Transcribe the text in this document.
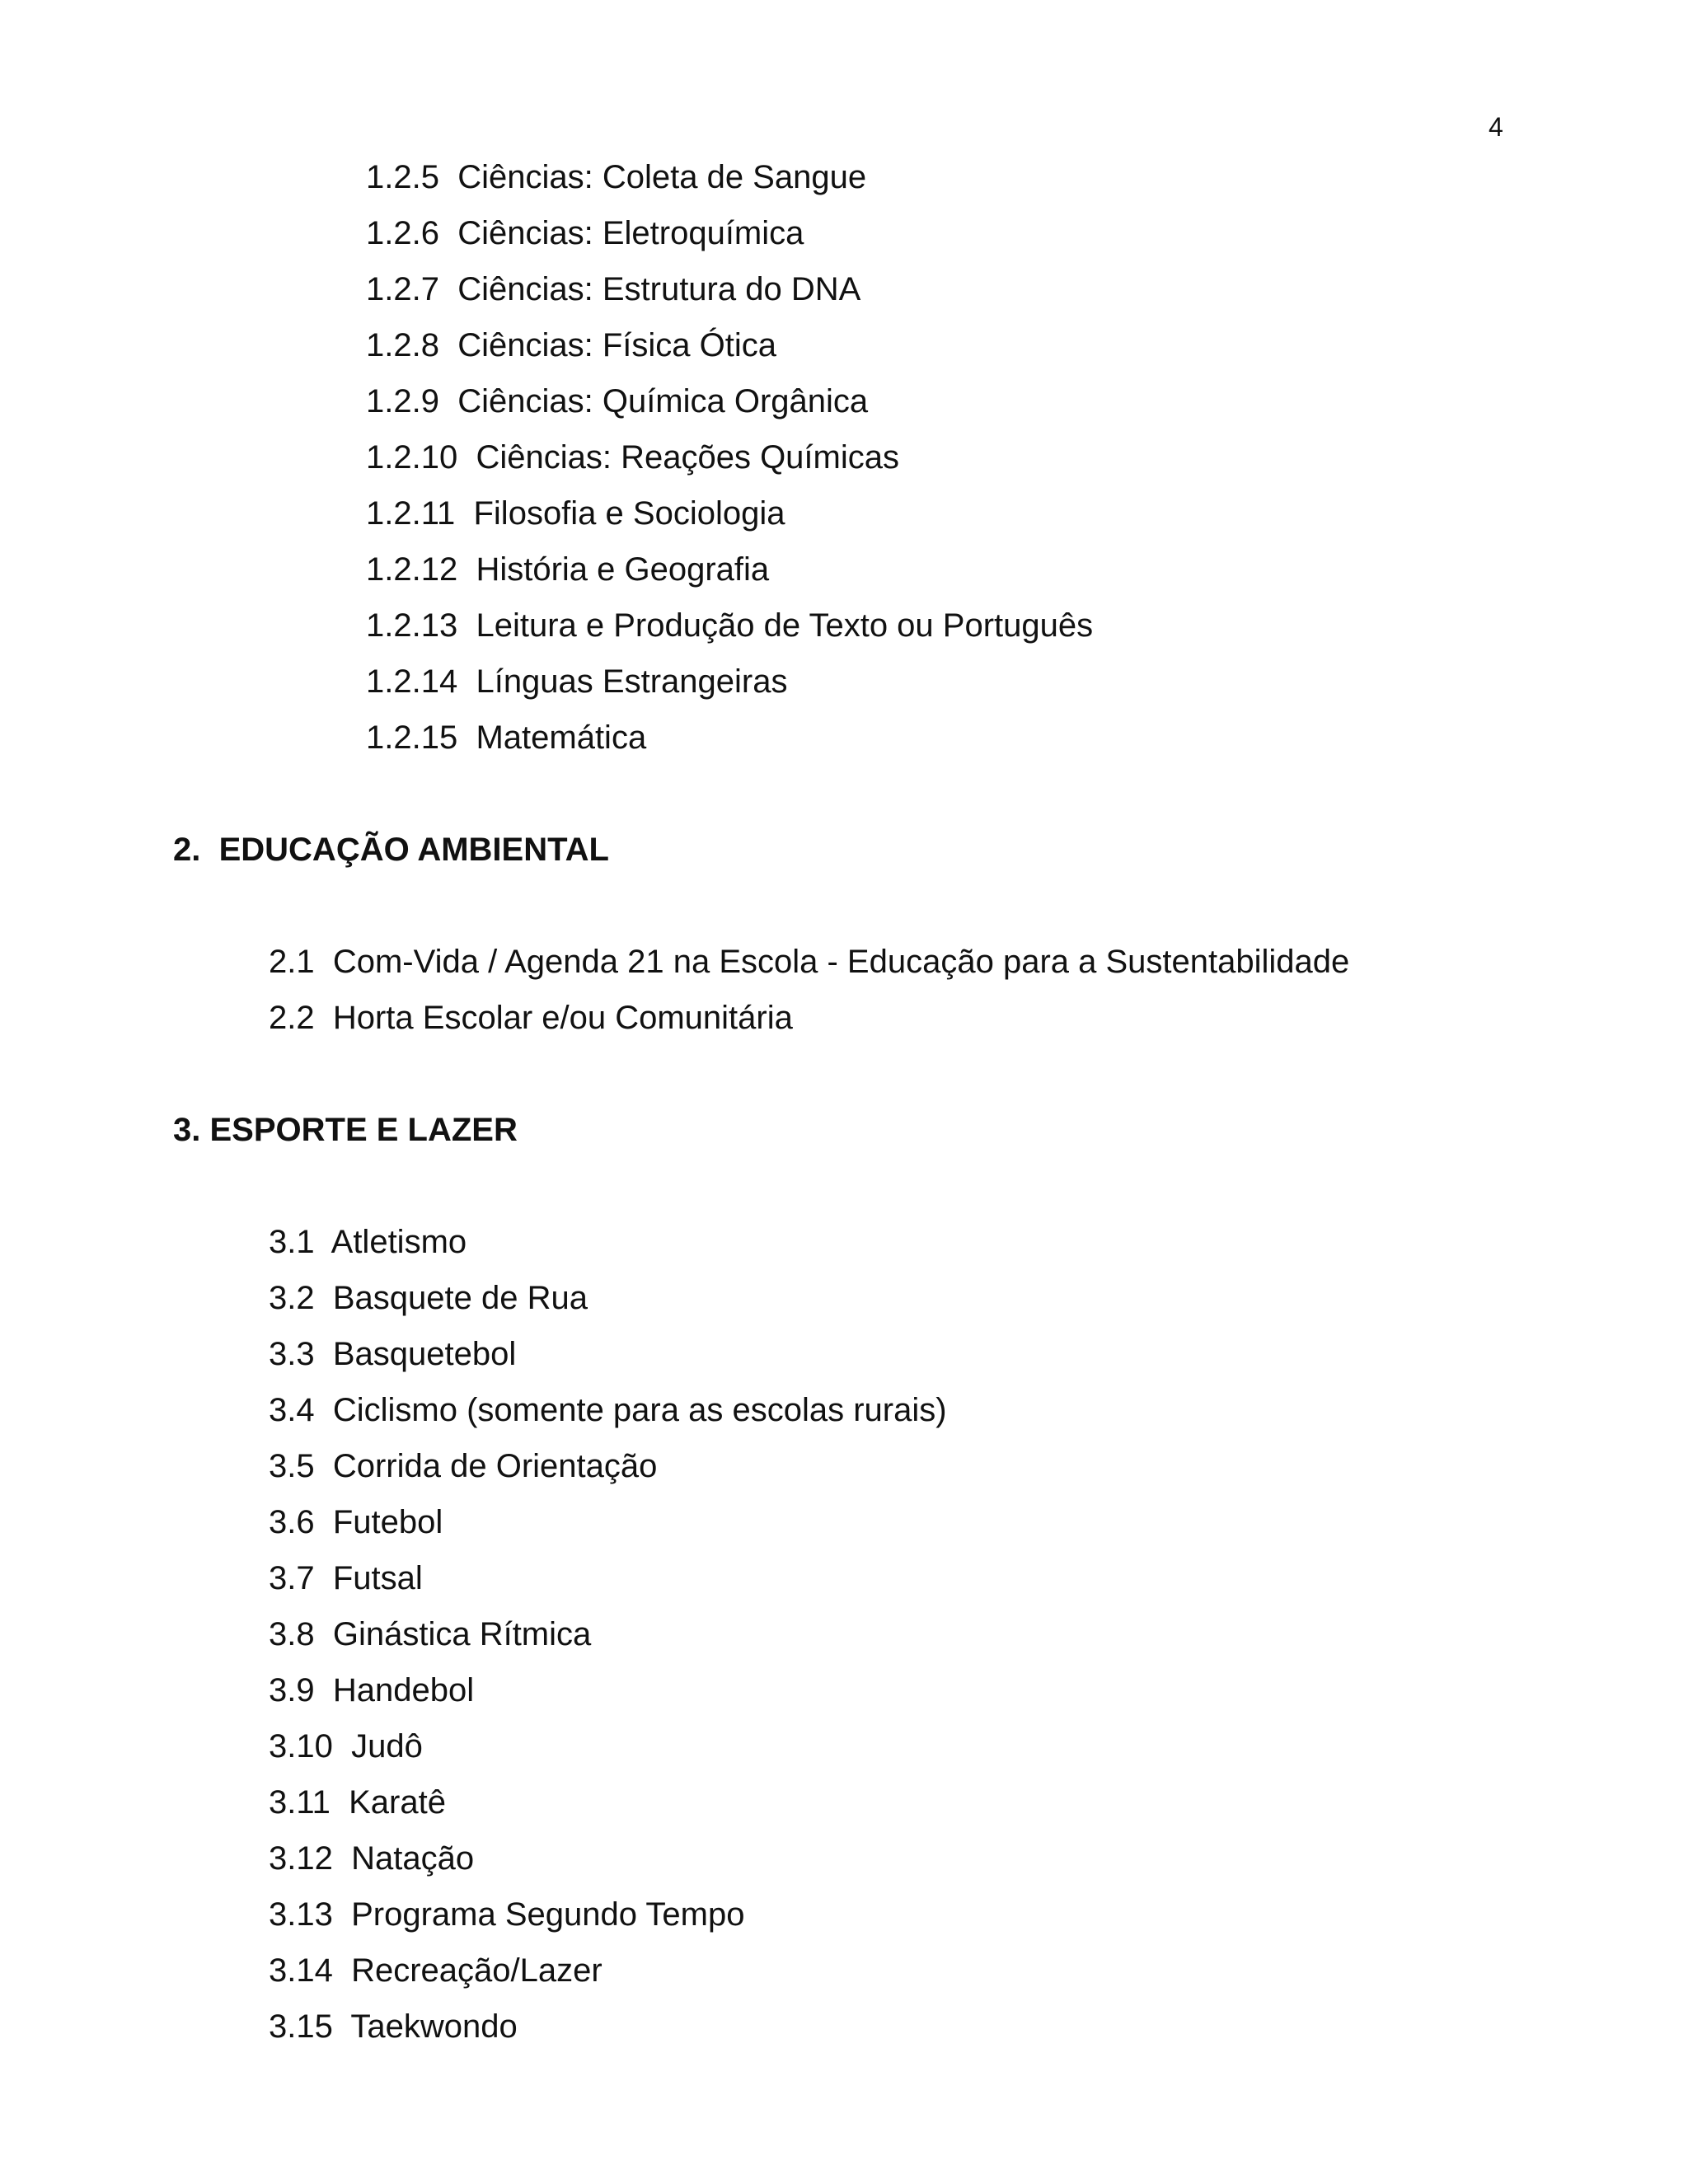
4
1.2.5 Ciências: Coleta de Sangue
1.2.6 Ciências: Eletroquímica
1.2.7 Ciências: Estrutura do DNA
1.2.8 Ciências: Física Ótica
1.2.9 Ciências: Química Orgânica
1.2.10 Ciências: Reações Químicas
1.2.11 Filosofia e Sociologia
1.2.12 História e Geografia
1.2.13 Leitura e Produção de Texto ou Português
1.2.14 Línguas Estrangeiras
1.2.15 Matemática
2.  EDUCAÇÃO AMBIENTAL
2.1 Com-Vida / Agenda 21 na Escola - Educação para a Sustentabilidade
2.2 Horta Escolar e/ou Comunitária
3. ESPORTE E LAZER
3.1 Atletismo
3.2 Basquete de Rua
3.3 Basquetebol
3.4 Ciclismo (somente para as escolas rurais)
3.5 Corrida de Orientação
3.6 Futebol
3.7 Futsal
3.8 Ginástica Rítmica
3.9 Handebol
3.10 Judô
3.11 Karatê
3.12 Natação
3.13 Programa Segundo Tempo
3.14 Recreação/Lazer
3.15 Taekwondo
